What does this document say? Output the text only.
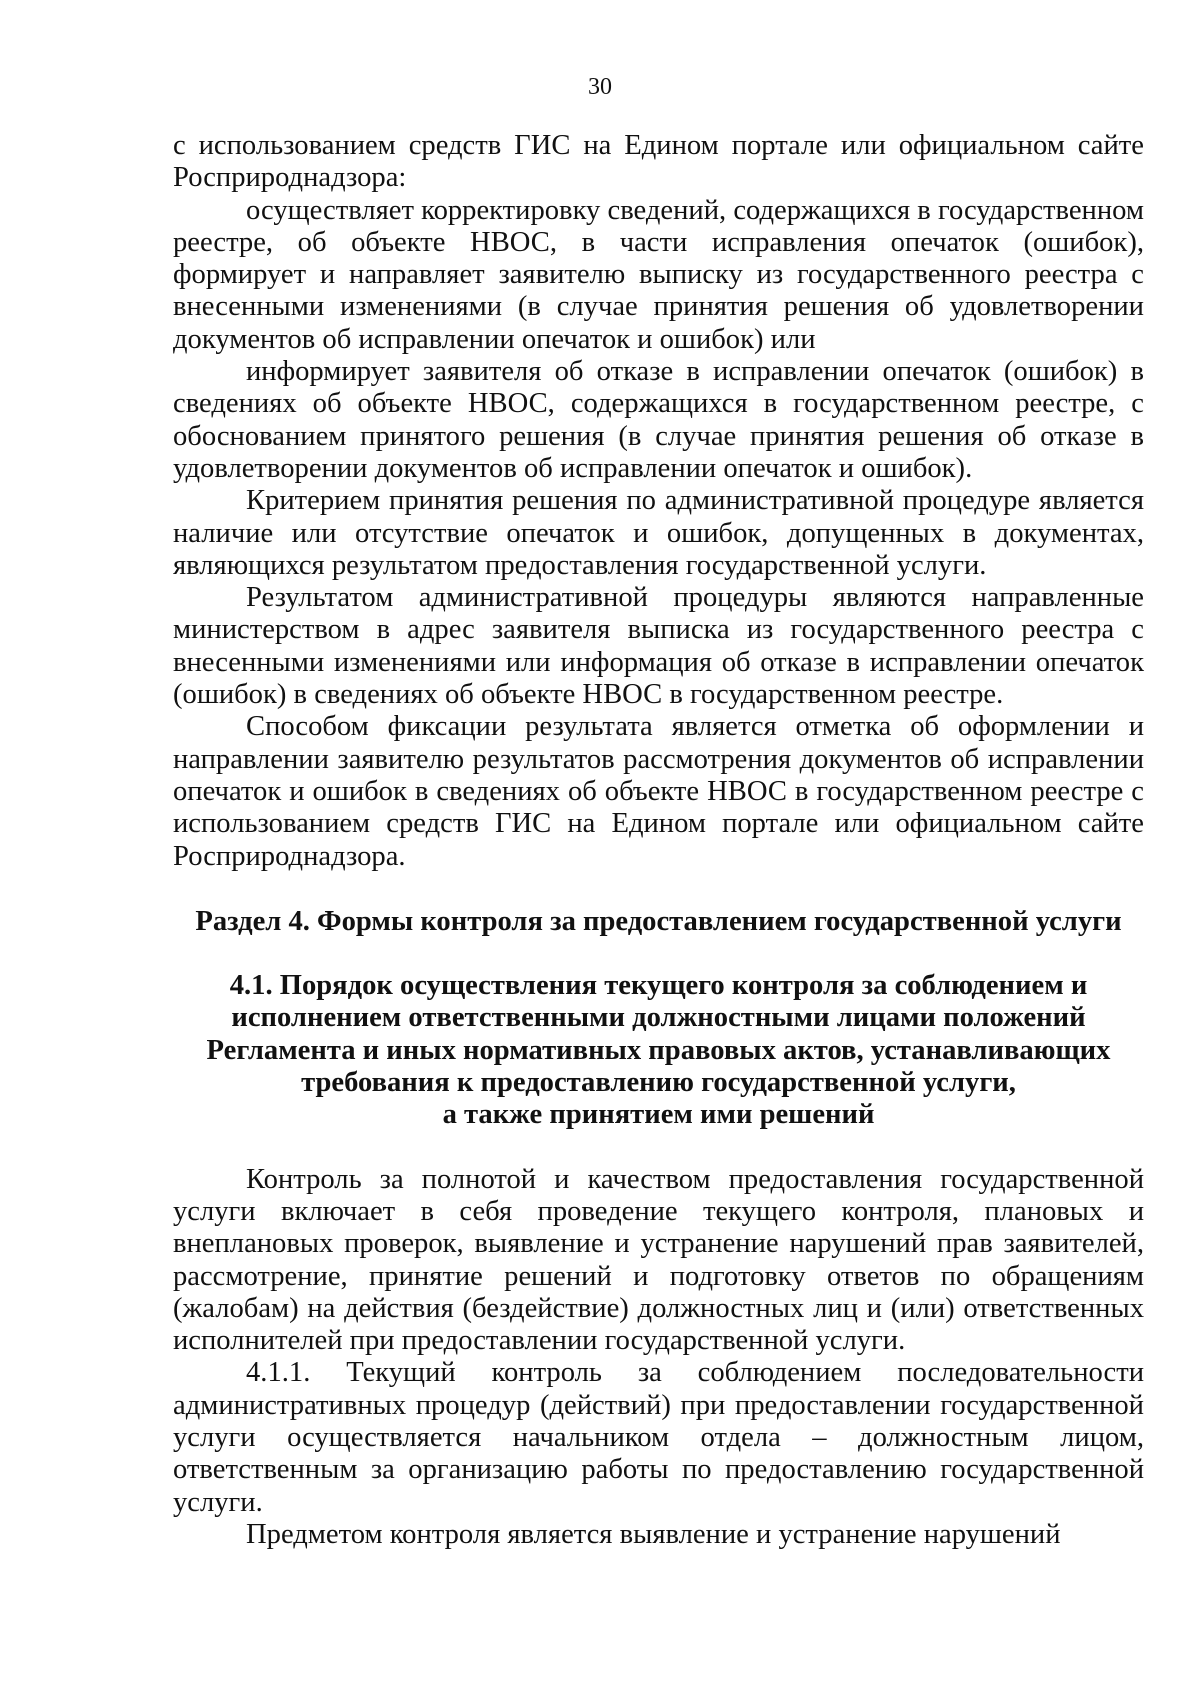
30

с использованием средств ГИС на Едином портале или официальном сайте Росприроднадзора:

осуществляет корректировку сведений, содержащихся в государственном реестре, об объекте НВОС, в части исправления опечаток (ошибок), формирует и направляет заявителю выписку из государственного реестра с внесенными изменениями (в случае принятия решения об удовлетворении документов об исправлении опечаток и ошибок) или

информирует заявителя об отказе в исправлении опечаток (ошибок) в сведениях об объекте НВОС, содержащихся в государственном реестре, с обоснованием принятого решения (в случае принятия решения об отказе в удовлетворении документов об исправлении опечаток и ошибок).

Критерием принятия решения по административной процедуре является наличие или отсутствие опечаток и ошибок, допущенных в документах, являющихся результатом предоставления государственной услуги.

Результатом административной процедуры являются направленные министерством в адрес заявителя выписка из государственного реестра с внесенными изменениями или информация об отказе в исправлении опечаток (ошибок) в сведениях об объекте НВОС в государственном реестре.

Способом фиксации результата является отметка об оформлении и направлении заявителю результатов рассмотрения документов об исправлении опечаток и ошибок в сведениях об объекте НВОС в государственном реестре с использованием средств ГИС на Едином портале или официальном сайте Росприроднадзора.

Раздел 4. Формы контроля за предоставлением государственной услуги
4.1. Порядок осуществления текущего контроля за соблюдением и
исполнением ответственными должностными лицами положений
Регламента и иных нормативных правовых актов, устанавливающих
требования к предоставлению государственной услуги,
а также принятием ими решений

Контроль за полнотой и качеством предоставления государственной услуги включает в себя проведение текущего контроля, плановых и внеплановых проверок, выявление и устранение нарушений прав заявителей, рассмотрение, принятие решений и подготовку ответов по обращениям (жалобам) на действия (бездействие) должностных лиц и (или) ответственных исполнителей при предоставлении государственной услуги.

4.1.1. Текущий контроль за соблюдением последовательности административных процедур (действий) при предоставлении государственной услуги осуществляется начальником отдела – должностным лицом, ответственным за организацию работы по предоставлению государственной услуги.

Предметом контроля является выявление и устранение нарушений
